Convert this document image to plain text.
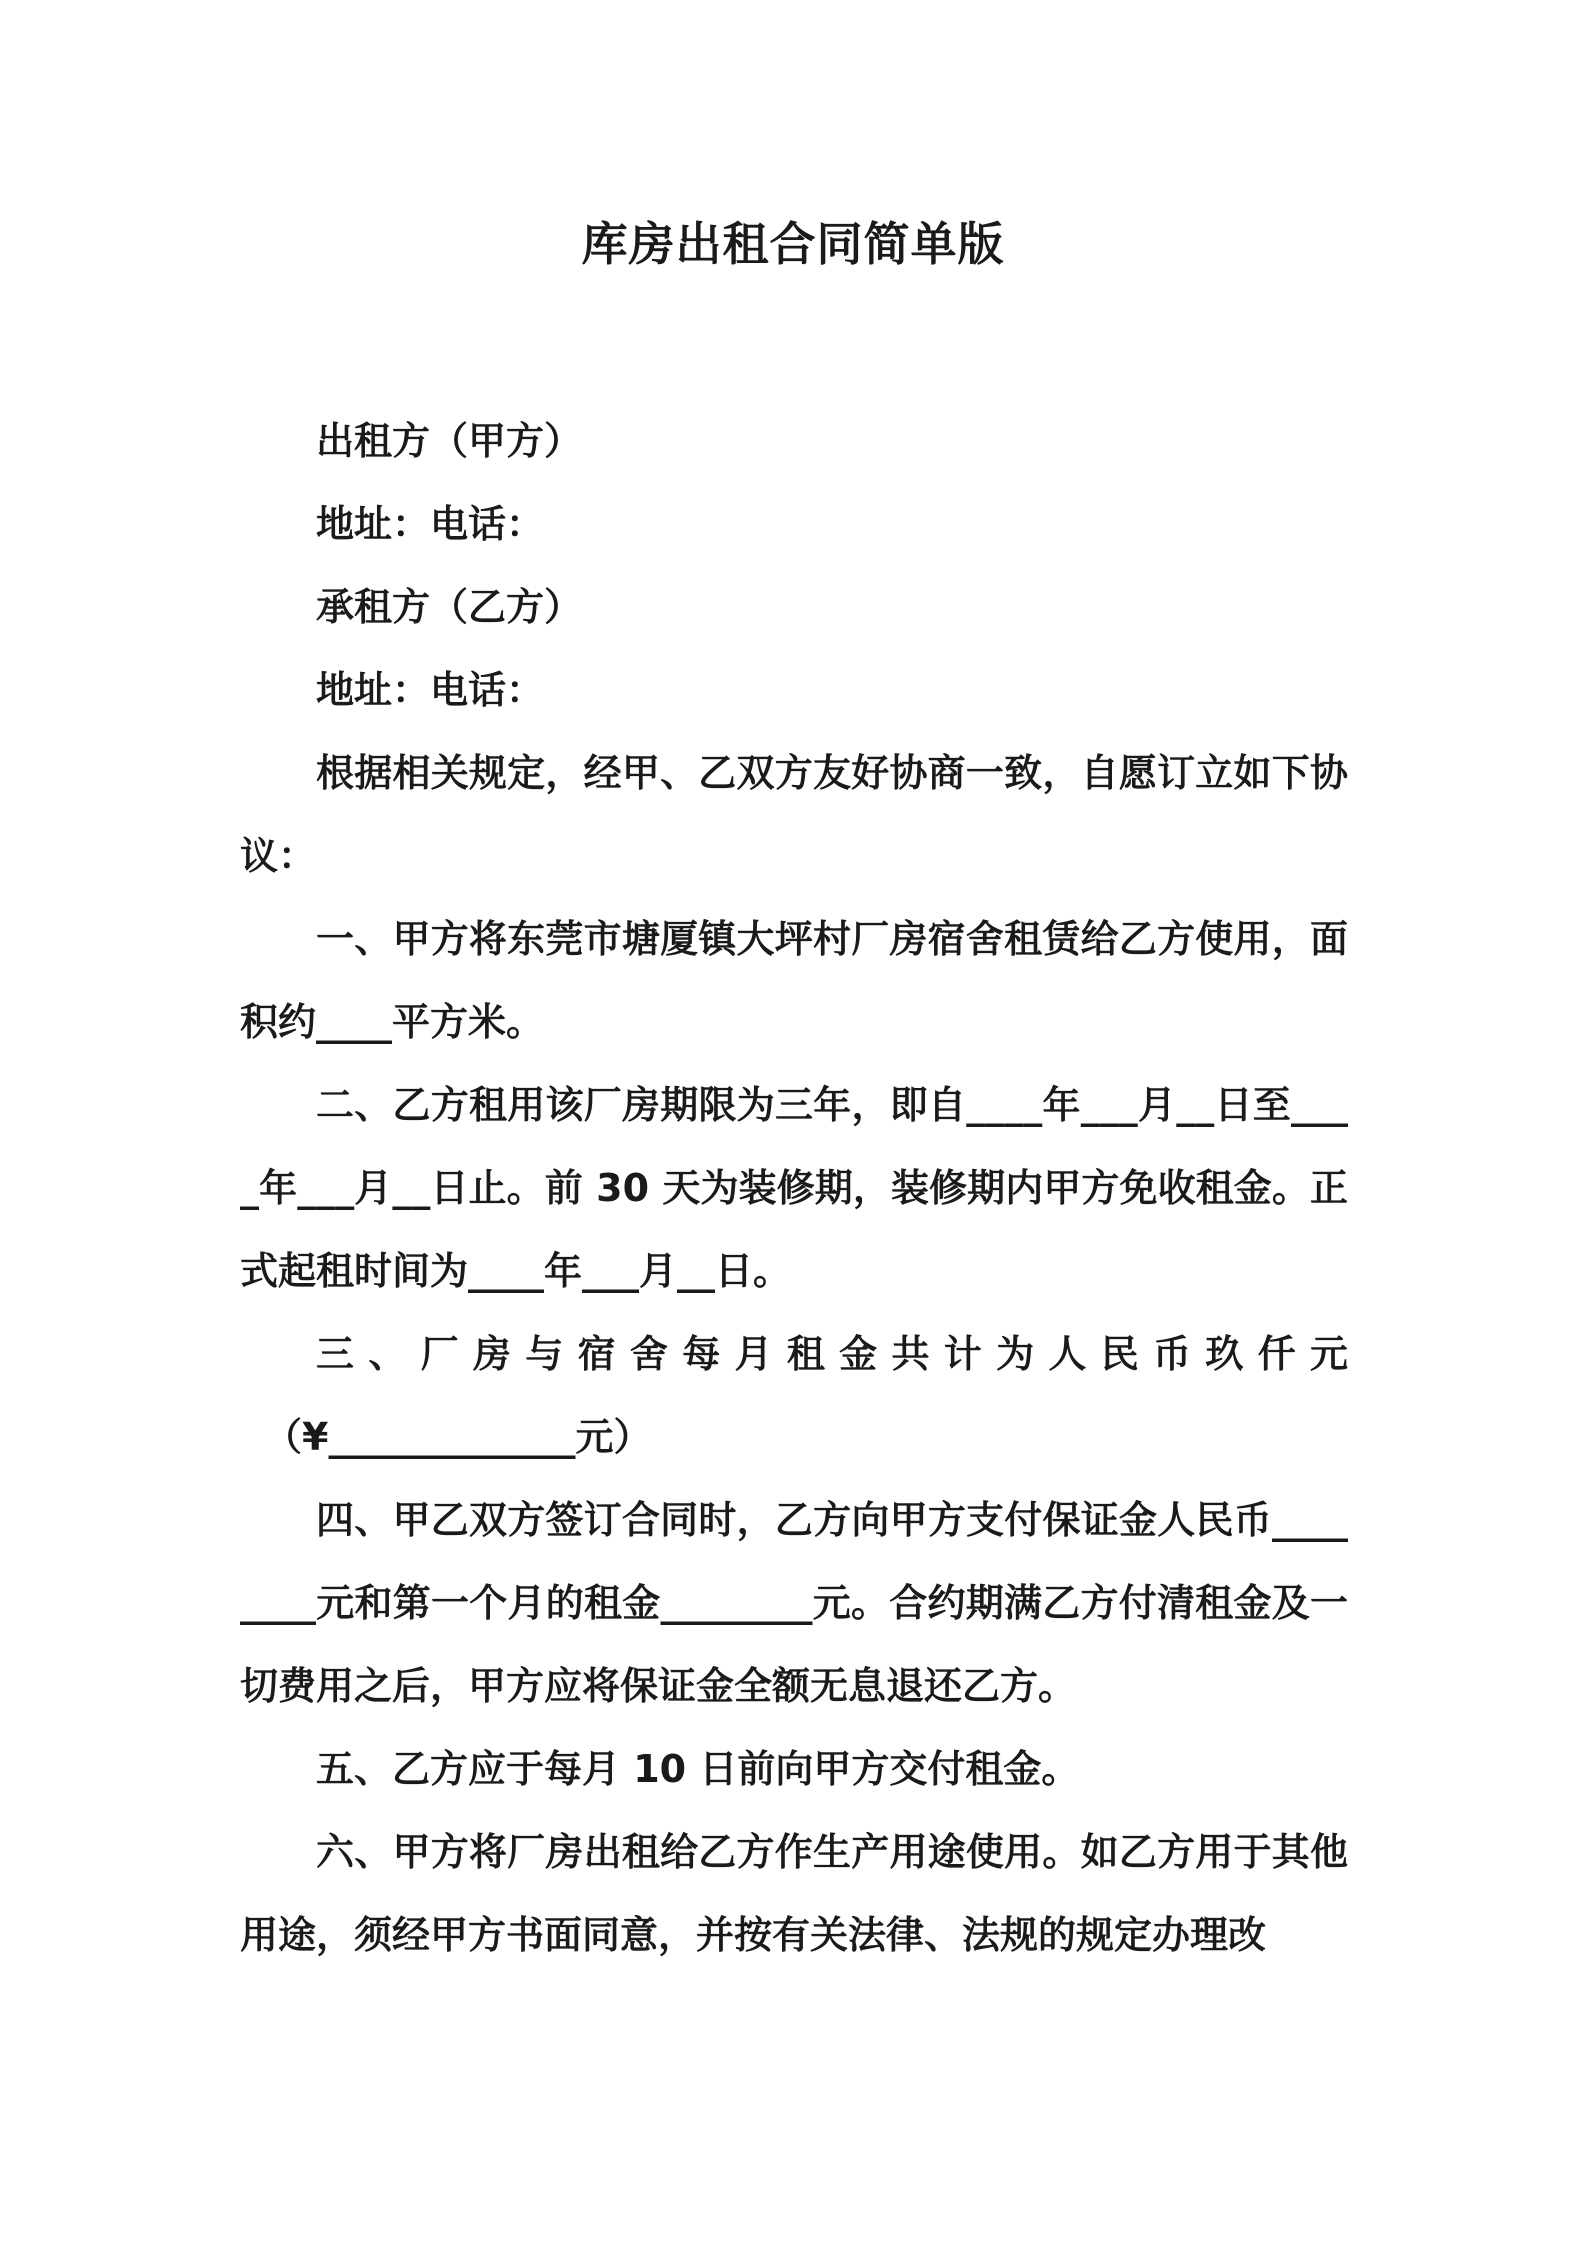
库房出租合同简单版

出租方（甲方）

地址：电话：

承租方（乙方）

地址：电话：

根据相关规定，经甲、乙双方友好协商一致，自愿订立如下协议：

一、甲方将东莞市塘厦镇大坪村厂房宿舍租赁给乙方使用，面积约____平方米。

二、乙方租用该厂房期限为三年，即自____年___月__日至____年___月__日止。前 30 天为装修期，装修期内甲方免收租金。正式起租时间为____年___月__日。

三、厂房与宿舍每月租金共计为人民币玖仟元

（¥_____________元）

四、甲乙双方签订合同时，乙方向甲方支付保证金人民币________元和第一个月的租金________元。合约期满乙方付清租金及一切费用之后，甲方应将保证金全额无息退还乙方。

五、乙方应于每月 10 日前向甲方交付租金。

六、甲方将厂房出租给乙方作生产用途使用。如乙方用于其他用途，须经甲方书面同意，并按有关法律、法规的规定办理改
